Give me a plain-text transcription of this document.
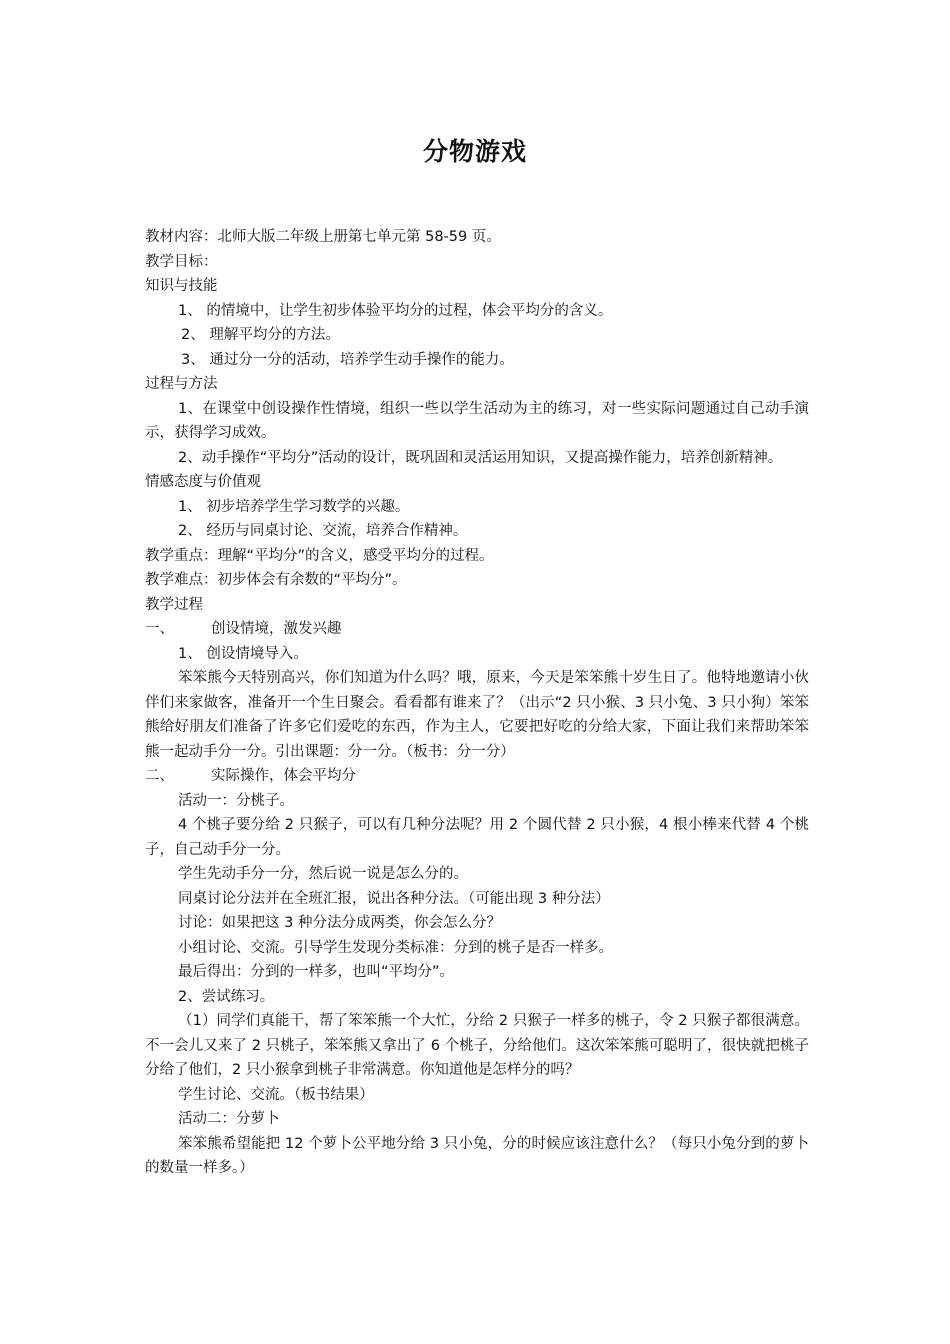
分物游戏

教材内容：北师大版二年级上册第七单元第 58-59 页。

教学目标：

知识与技能

1、 的情境中，让学生初步体验平均分的过程，体会平均分的含义。

2、 理解平均分的方法。

3、 通过分一分的活动，培养学生动手操作的能力。

过程与方法

1、在课堂中创设操作性情境，组织一些以学生活动为主的练习，对一些实际问题通过自己动手演示，获得学习成效。

2、动手操作“平均分”活动的设计，既巩固和灵活运用知识，又提高操作能力，培养创新精神。

情感态度与价值观

1、 初步培养学生学习数学的兴趣。

2、 经历与同桌讨论、交流，培养合作精神。

教学重点：理解“平均分”的含义，感受平均分的过程。

教学难点：初步体会有余数的“平均分”。

教学过程

一、	创设情境，激发兴趣

1、 创设情境导入。

笨笨熊今天特别高兴，你们知道为什么吗？哦，原来，今天是笨笨熊十岁生日了。他特地邀请小伙伴们来家做客，准备开一个生日聚会。看看都有谁来了？（出示“2 只小猴、3 只小兔、3 只小狗）笨笨熊给好朋友们准备了许多它们爱吃的东西，作为主人，它要把好吃的分给大家，下面让我们来帮助笨笨熊一起动手分一分。引出课题：分一分。（板书：分一分）

二、	实际操作，体会平均分

活动一：分桃子。

4 个桃子要分给 2 只猴子，可以有几种分法呢？用 2 个圆代替 2 只小猴，4 根小棒来代替 4 个桃子，自己动手分一分。

学生先动手分一分，然后说一说是怎么分的。

同桌讨论分法并在全班汇报，说出各种分法。（可能出现 3 种分法）

讨论：如果把这 3 种分法分成两类，你会怎么分？

小组讨论、交流。引导学生发现分类标准：分到的桃子是否一样多。

最后得出：分到的一样多，也叫“平均分”。

2、尝试练习。

（1）同学们真能干，帮了笨笨熊一个大忙，分给 2 只猴子一样多的桃子，令 2 只猴子都很满意。不一会儿又来了 2 只桃子，笨笨熊又拿出了 6 个桃子，分给他们。这次笨笨熊可聪明了，很快就把桃子分给了他们，2 只小猴拿到桃子非常满意。你知道他是怎样分的吗？

学生讨论、交流。（板书结果）

活动二：分萝卜

笨笨熊希望能把 12 个萝卜公平地分给 3 只小兔，分的时候应该注意什么？（每只小兔分到的萝卜的数量一样多。）
